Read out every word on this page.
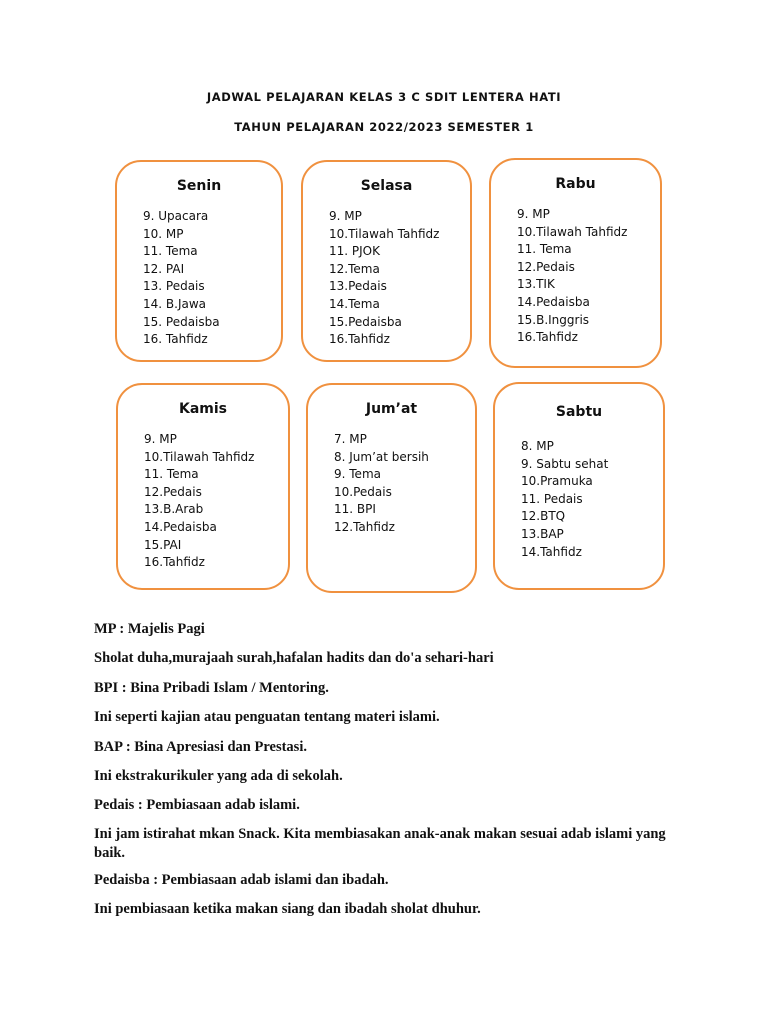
JADWAL PELAJARAN KELAS 3 C SDIT LENTERA HATI
TAHUN PELAJARAN 2022/2023 SEMESTER 1
Senin
9. Upacara
10. MP
11. Tema
12. PAI
13. Pedais
14. B.Jawa
15. Pedaisba
16. Tahfidz
Selasa
9. MP
10.Tilawah Tahfidz
11. PJOK
12.Tema
13.Pedais
14.Tema
15.Pedaisba
16.Tahfidz
Rabu
9. MP
10.Tilawah Tahfidz
11. Tema
12.Pedais
13.TIK
14.Pedaisba
15.B.Inggris
16.Tahfidz
Kamis
9. MP
10.Tilawah Tahfidz
11. Tema
12.Pedais
13.B.Arab
14.Pedaisba
15.PAI
16.Tahfidz
Jum’at
7. MP
8. Jum’at bersih
9. Tema
10.Pedais
11. BPI
12.Tahfidz
Sabtu
8. MP
9. Sabtu sehat
10.Pramuka
11. Pedais
12.BTQ
13.BAP
14.Tahfidz

MP : Majelis Pagi

Sholat duha,murajaah surah,hafalan hadits dan do'a sehari-hari

BPI : Bina Pribadi Islam / Mentoring.

Ini seperti kajian atau penguatan tentang materi islami.

BAP : Bina Apresiasi dan Prestasi.

Ini ekstrakurikuler yang ada di sekolah.

Pedais : Pembiasaan adab islami.

Ini jam istirahat mkan Snack. Kita membiasakan anak-anak makan sesuai adab islami yang baik.

Pedaisba : Pembiasaan adab islami dan ibadah.

Ini pembiasaan ketika makan siang dan ibadah sholat dhuhur.
